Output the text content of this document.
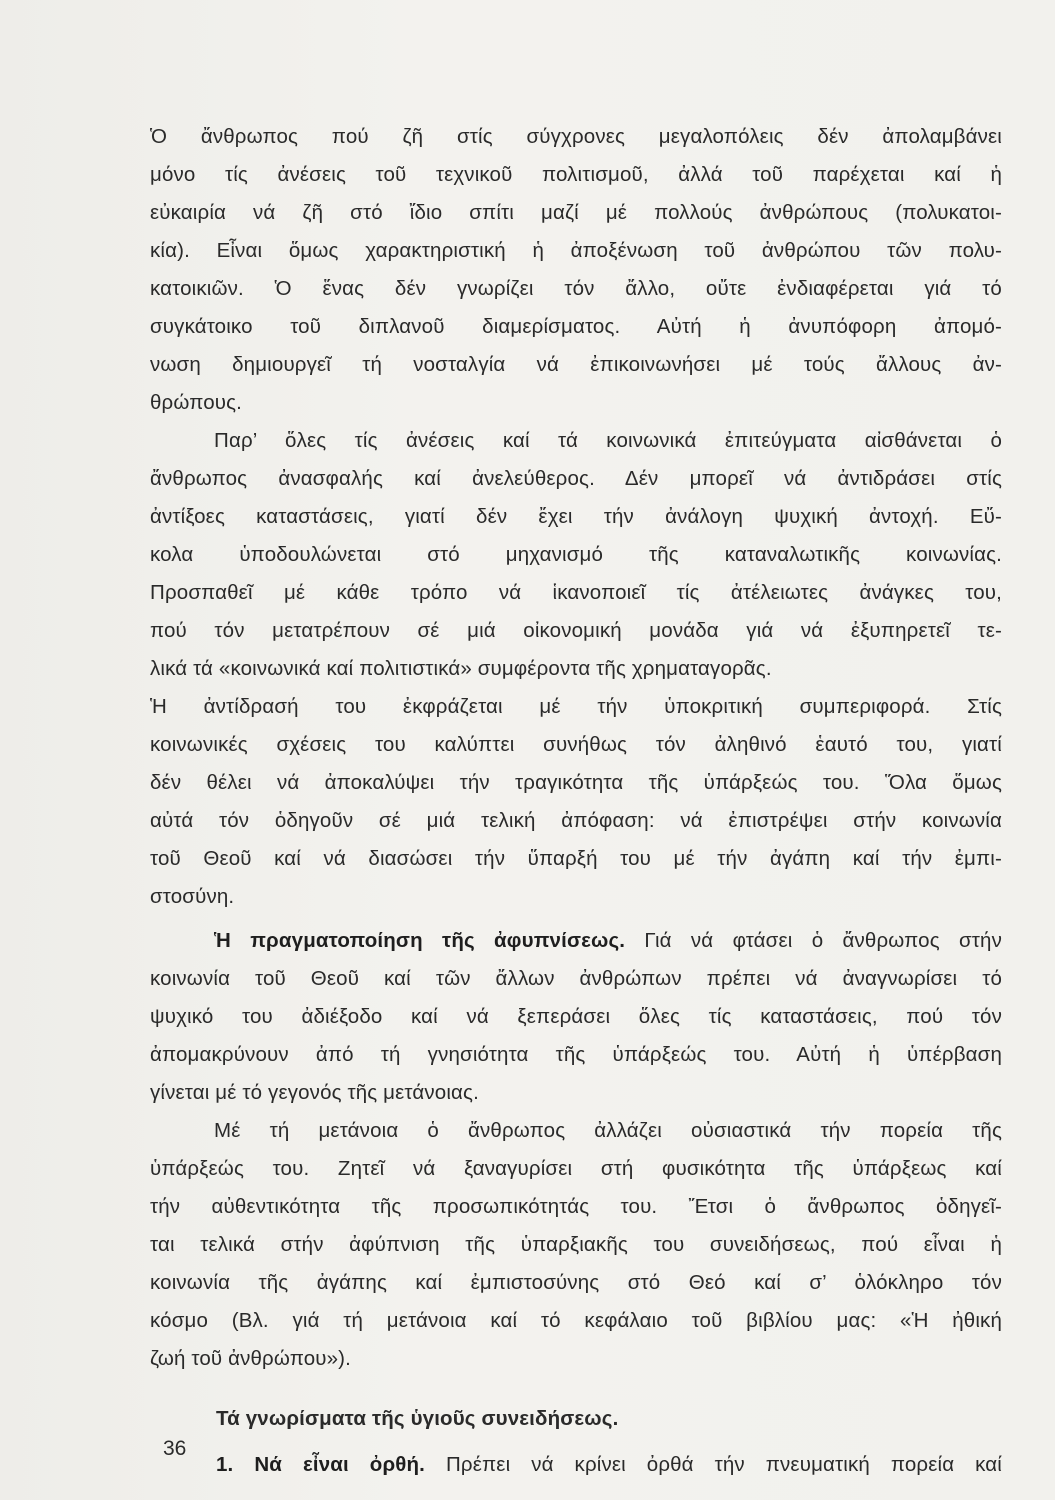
Ὁ ἄνθρωπος πού ζῆ στίς σύγχρονες μεγαλοπόλεις δέν ἀπολαμβάνει
μόνο τίς ἀνέσεις τοῦ τεχνικοῦ πολιτισμοῦ, ἀλλά τοῦ παρέχεται καί ἡ
εὐκαιρία νά ζῆ στό ἴδιο σπίτι μαζί μέ πολλούς ἀνθρώπους (πολυκατοι-
κία). Εἶναι ὅμως χαρακτηριστική ἡ ἀποξένωση τοῦ ἀνθρώπου τῶν πολυ-
κατοικιῶν. Ὁ ἕνας δέν γνωρίζει τόν ἄλλο, οὔτε ἐνδιαφέρεται γιά τό
συγκάτοικο τοῦ διπλανοῦ διαμερίσματος. Αὐτή ἡ ἀνυπόφορη ἀπομό-
νωση δημιουργεῖ τή νοσταλγία νά ἐπικοινωνήσει μέ τούς ἄλλους ἀν-
θρώπους.
Παρ’ ὅλες τίς ἀνέσεις καί τά κοινωνικά ἐπιτεύγματα αἰσθάνεται ὁ
ἄνθρωπος ἀνασφαλής καί ἀνελεύθερος. Δέν μπορεῖ νά ἀντιδράσει στίς
ἀντίξοες καταστάσεις, γιατί δέν ἔχει τήν ἀνάλογη ψυχική ἀντοχή. Εὔ-
κολα ὑποδουλώνεται στό μηχανισμό τῆς καταναλωτικῆς κοινωνίας.
Προσπαθεῖ μέ κάθε τρόπο νά ἱκανοποιεῖ τίς ἀτέλειωτες ἀνάγκες του,
πού τόν μετατρέπουν σέ μιά οἰκονομική μονάδα γιά νά ἐξυπηρετεῖ τε-
λικά τά «κοινωνικά καί πολιτιστικά» συμφέροντα τῆς χρηματαγορᾶς.
Ἡ ἀντίδρασή του ἐκφράζεται μέ τήν ὑποκριτική συμπεριφορά. Στίς
κοινωνικές σχέσεις του καλύπτει συνήθως τόν ἀληθινό ἑαυτό του, γιατί
δέν θέλει νά ἀποκαλύψει τήν τραγικότητα τῆς ὑπάρξεώς του. Ὅλα ὅμως
αὐτά τόν ὁδηγοῦν σέ μιά τελική ἀπόφαση: νά ἐπιστρέψει στήν κοινωνία
τοῦ Θεοῦ καί νά διασώσει τήν ὕπαρξή του μέ τήν ἀγάπη καί τήν ἐμπι-
στοσύνη.
Ἡ πραγματοποίηση τῆς ἀφυπνίσεως. Γιά νά φτάσει ὁ ἄνθρωπος στήν
κοινωνία τοῦ Θεοῦ καί τῶν ἄλλων ἀνθρώπων πρέπει νά ἀναγνωρίσει τό
ψυχικό του ἀδιέξοδο καί νά ξεπεράσει ὅλες τίς καταστάσεις, πού τόν
ἀπομακρύνουν ἀπό τή γνησιότητα τῆς ὑπάρξεώς του. Αὐτή ἡ ὑπέρβαση
γίνεται μέ τό γεγονός τῆς μετάνοιας.
Μέ τή μετάνοια ὁ ἄνθρωπος ἀλλάζει οὐσιαστικά τήν πορεία τῆς
ὑπάρξεώς του. Ζητεῖ νά ξαναγυρίσει στή φυσικότητα τῆς ὑπάρξεως καί
τήν αὐθεντικότητα τῆς προσωπικότητάς του. Ἔτσι ὁ ἄνθρωπος ὁδηγεῖ-
ται τελικά στήν ἀφύπνιση τῆς ὑπαρξιακῆς του συνειδήσεως, πού εἶναι ἡ
κοινωνία τῆς ἀγάπης καί ἐμπιστοσύνης στό Θεό καί σ’ ὁλόκληρο τόν
κόσμο (Βλ. γιά τή μετάνοια καί τό κεφάλαιο τοῦ βιβλίου μας: «Ἡ ἠθική
ζωή τοῦ ἀνθρώπου»).
Τά γνωρίσματα τῆς ὑγιοῦς συνειδήσεως.
1. Νά εἶναι ὀρθή. Πρέπει νά κρίνει ὀρθά τήν πνευματική πορεία καί
36
